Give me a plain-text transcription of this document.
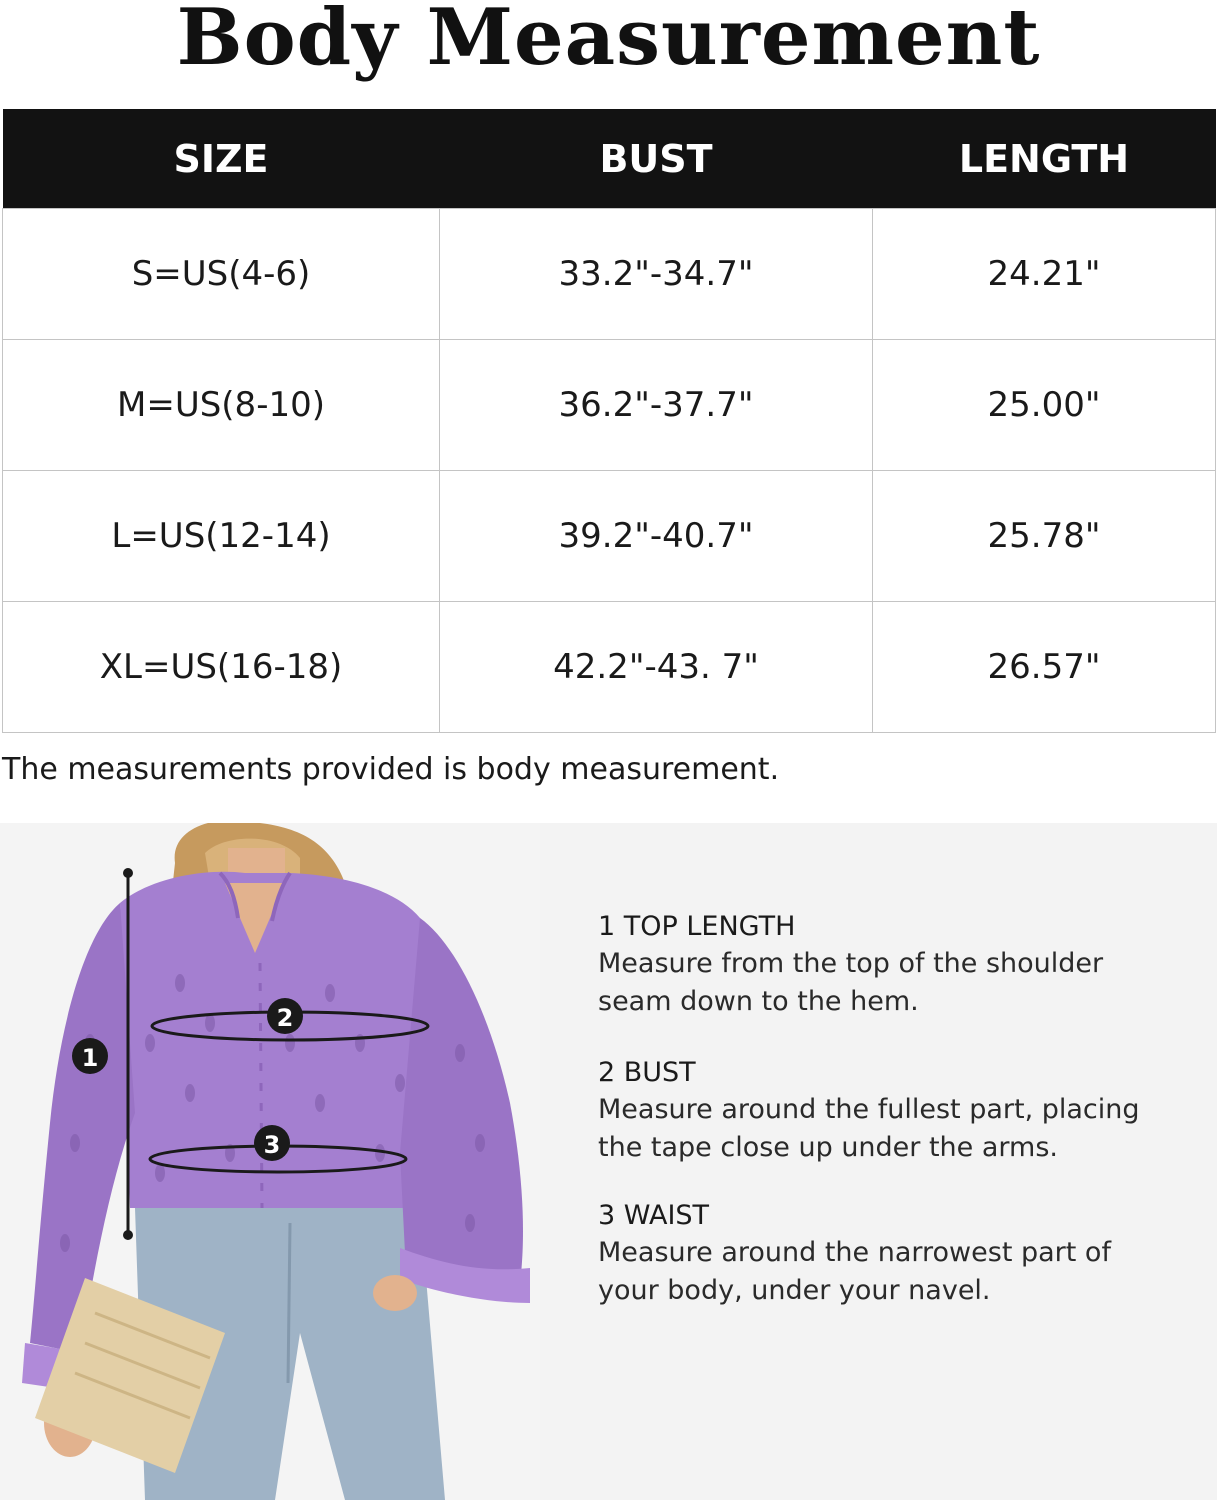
Body Measurement
SIZE	BUST	LENGTH
S=US(4-6)	33.2"-34.7"	24.21"
M=US(8-10)	36.2"-37.7"	25.00"
L=US(12-14)	39.2"-40.7"	25.78"
XL=US(16-18)	42.2"-43. 7"	26.57"
The measurements provided is body measurement.
1
2
3
1 TOP LENGTH
Measure from the top of the shoulder
seam down to the hem.
2 BUST
Measure around the fullest part, placing
the tape close up under the arms.
3 WAIST
Measure around the narrowest part of
your body, under your navel.
